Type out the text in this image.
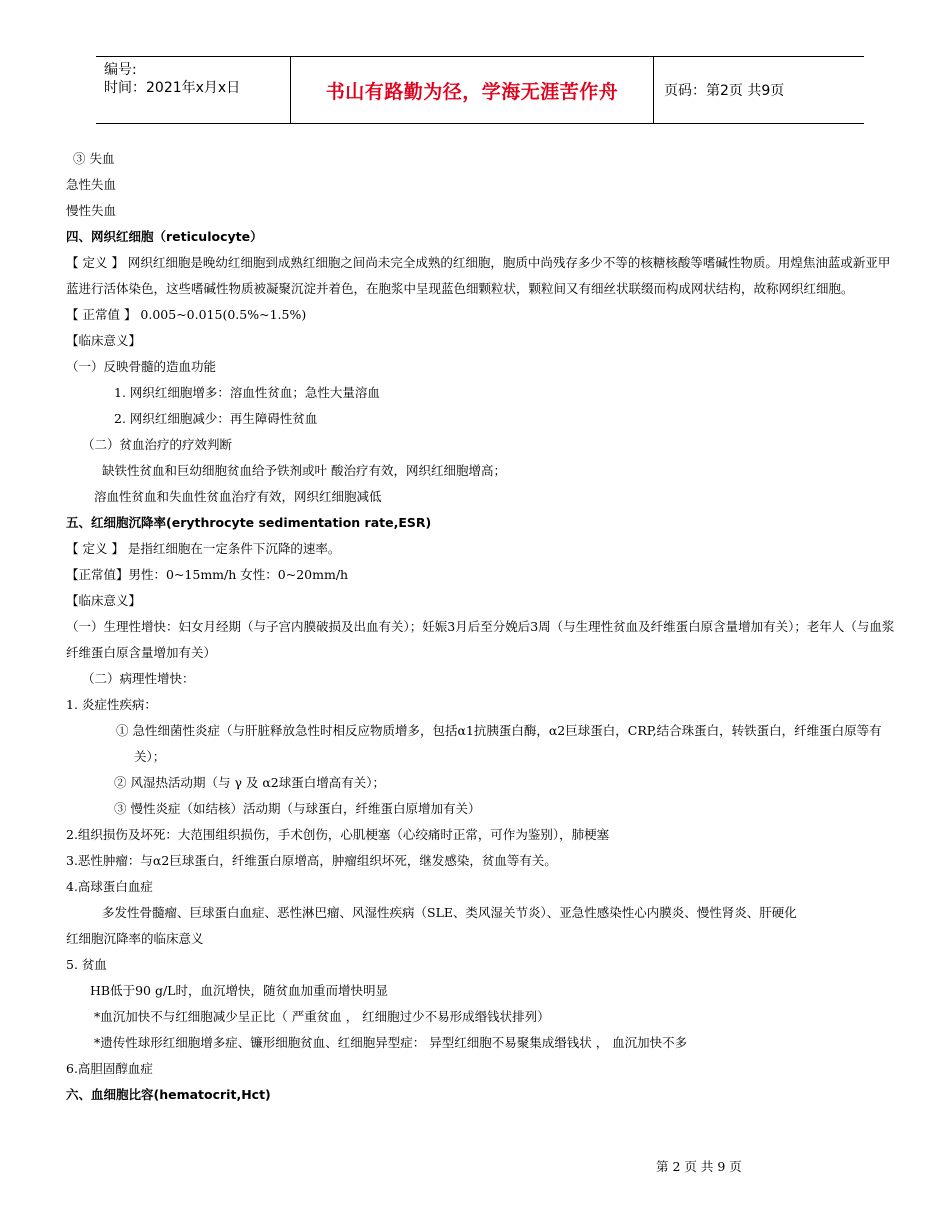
编号:
时间：2021年x月x日	书山有路勤为径，学海无涯苦作舟	页码：第2页 共9页
③ 失血
急性失血
慢性失血
四、网织红细胞（reticulocyte）
【 定义 】 网织红细胞是晚幼红细胞到成熟红细胞之间尚未完全成熟的红细胞，胞质中尚残存多少不等的核糖核酸等嗜碱性物质。用煌焦油蓝或新亚甲蓝进行活体染色，这些嗜碱性物质被凝聚沉淀并着色，在胞浆中呈现蓝色细颗粒状，颗粒间又有细丝状联缀而构成网状结构，故称网织红细胞。
【 正常值 】 0.005~0.015(0.5%~1.5%)
【临床意义】
（一）反映骨髓的造血功能
1. 网织红细胞增多：溶血性贫血；急性大量溶血
2. 网织红细胞减少：再生障碍性贫血
（二）贫血治疗的疗效判断
缺铁性贫血和巨幼细胞贫血给予铁剂或叶 酸治疗有效，网织红细胞增高；
溶血性贫血和失血性贫血治疗有效，网织红细胞减低
五、红细胞沉降率(erythrocyte sedimentation rate,ESR)
【 定义 】 是指红细胞在一定条件下沉降的速率。
【正常值】男性：0~15mm/h 女性：0~20mm/h
【临床意义】
（一）生理性增快：妇女月经期（与子宫内膜破损及出血有关）；妊娠3月后至分娩后3周（与生理性贫血及纤维蛋白原含量增加有关）；老年人（与血浆纤维蛋白原含量增加有关）
（二）病理性增快：
1. 炎症性疾病：
① 急性细菌性炎症（与肝脏释放急性时相反应物质增多，包括α1抗胰蛋白酶，α2巨球蛋白，CRP,结合珠蛋白，转铁蛋白，纤维蛋白原等有关）；
② 风湿热活动期（与 γ 及 α2球蛋白增高有关）；
③ 慢性炎症（如结核）活动期（与球蛋白，纤维蛋白原增加有关）
2.组织损伤及坏死：大范围组织损伤，手术创伤，心肌梗塞（心绞痛时正常，可作为鉴别），肺梗塞
3.恶性肿瘤：与α2巨球蛋白，纤维蛋白原增高，肿瘤组织坏死，继发感染，贫血等有关。
4.高球蛋白血症
多发性骨髓瘤、巨球蛋白血症、恶性淋巴瘤、风湿性疾病（SLE、类风湿关节炎）、亚急性感染性心内膜炎、慢性肾炎、肝硬化
红细胞沉降率的临床意义
5. 贫血
HB低于90 g/L时，血沉增快，随贫血加重而增快明显
*血沉加快不与红细胞减少呈正比（ 严重贫血 ， 红细胞过少不易形成缗钱状排列）
*遗传性球形红细胞增多症、镰形细胞贫血、红细胞异型症： 异型红细胞不易聚集成缗钱状 ， 血沉加快不多
6.高胆固醇血症
六、血细胞比容(hematocrit,Hct)
第 2 页 共 9 页
